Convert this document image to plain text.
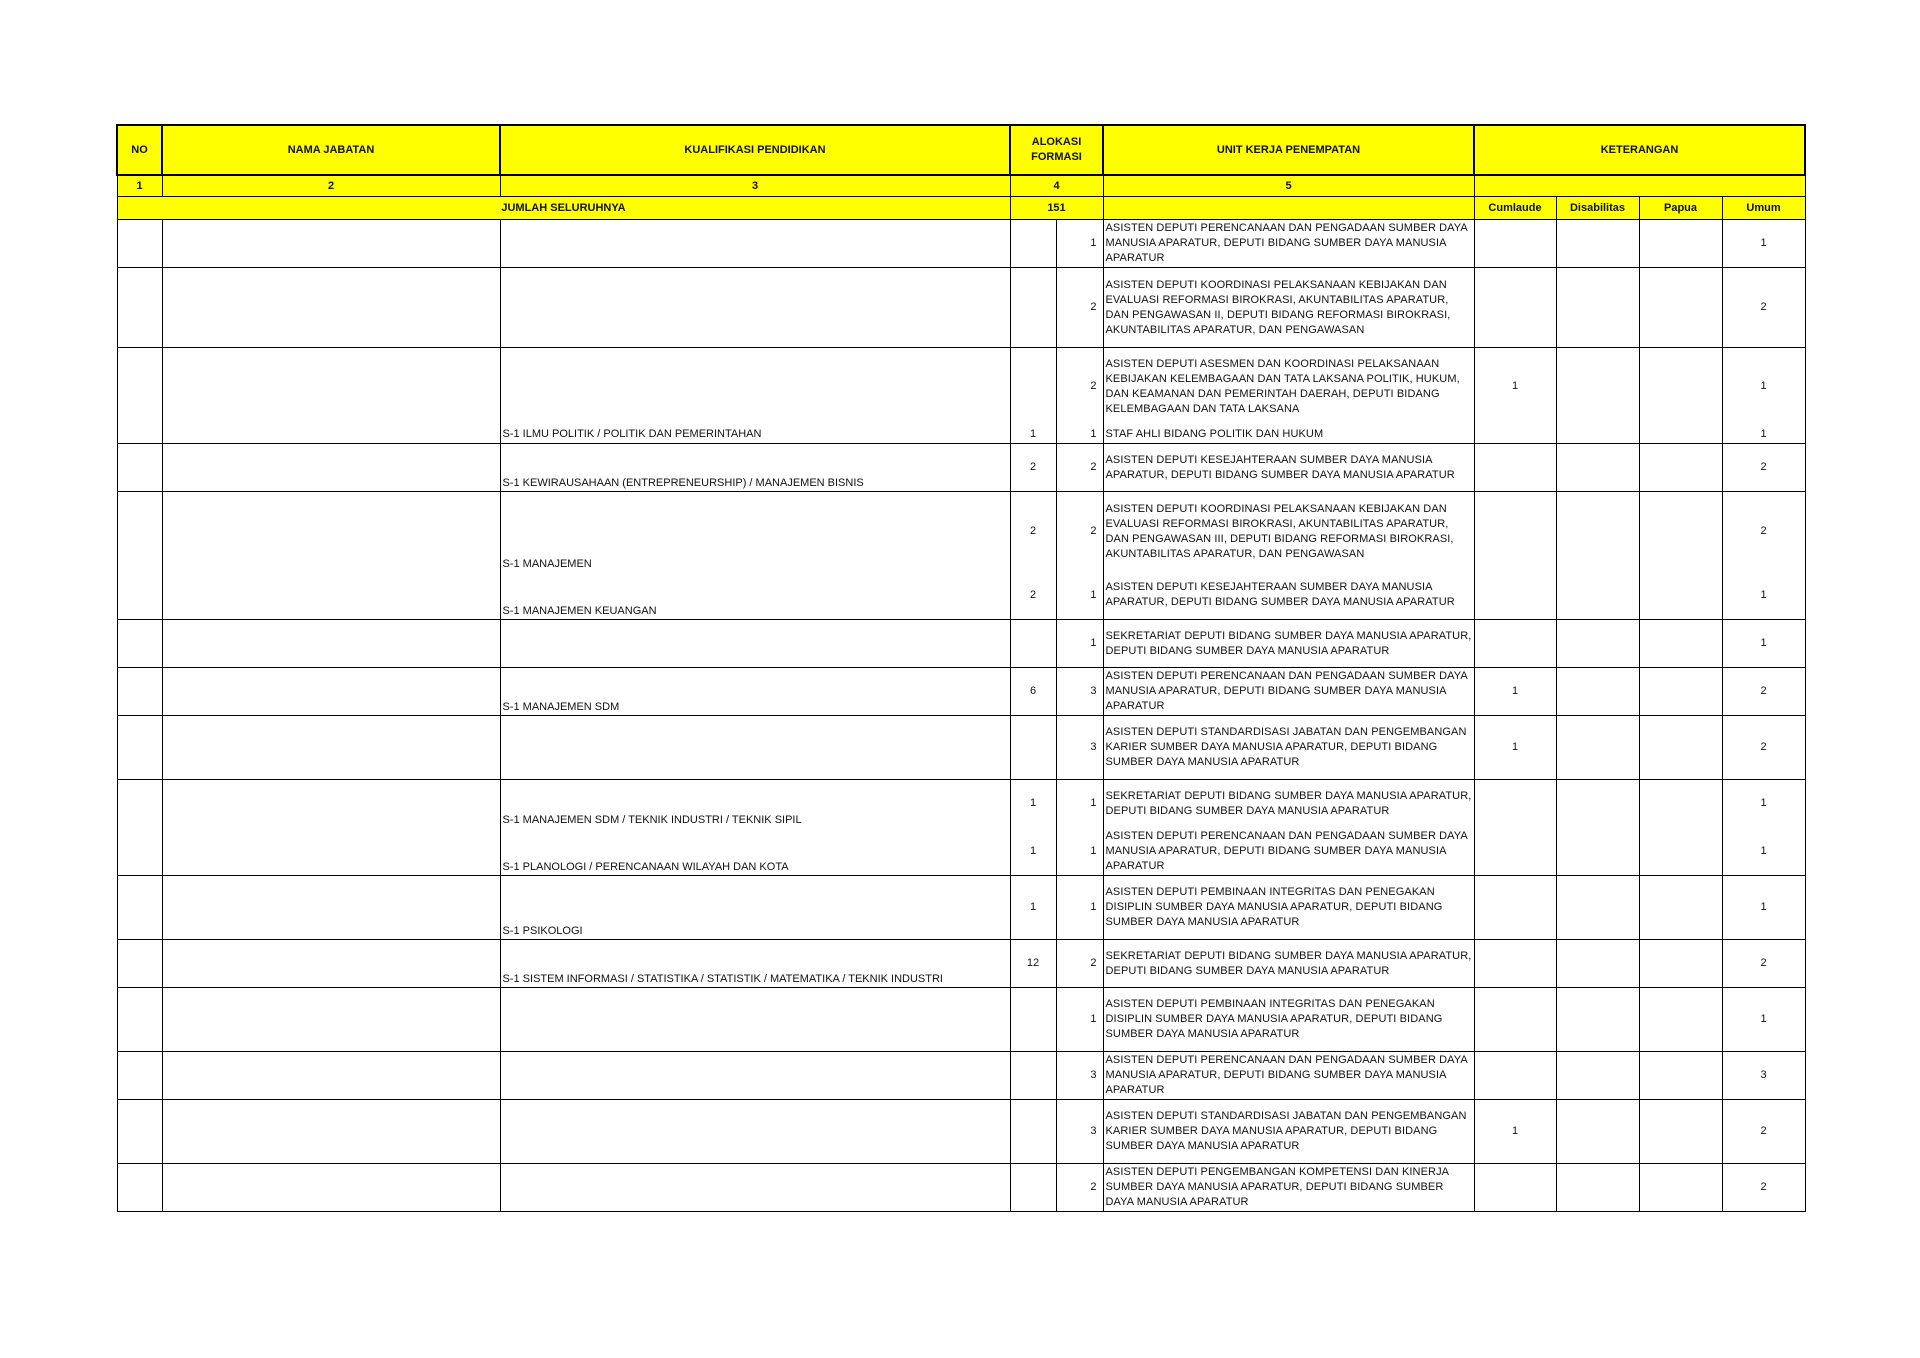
NO	NAMA JABATAN	KUALIFIKASI PENDIDIKAN	ALOKASI FORMASI		UNIT KERJA PENEMPATAN	KETERANGAN			
1	2	3	4		5				
JUMLAH SELURUHNYA			151			Cumlaude	Disabilitas	Papua	Umum
				1	ASISTEN DEPUTI PERENCANAAN DAN PENGADAAN SUMBER DAYA MANUSIA APARATUR, DEPUTI BIDANG SUMBER DAYA MANUSIA APARATUR				1
				2	ASISTEN DEPUTI KOORDINASI PELAKSANAAN KEBIJAKAN DAN EVALUASI REFORMASI BIROKRASI, AKUNTABILITAS APARATUR, DAN PENGAWASAN II, DEPUTI BIDANG REFORMASI BIROKRASI, AKUNTABILITAS APARATUR, DAN PENGAWASAN				2
				2	ASISTEN DEPUTI ASESMEN DAN KOORDINASI PELAKSANAAN KEBIJAKAN KELEMBAGAAN DAN TATA LAKSANA POLITIK, HUKUM, DAN KEAMANAN DAN PEMERINTAH DAERAH, DEPUTI BIDANG KELEMBAGAAN DAN TATA LAKSANA	1			1
		S-1 ILMU POLITIK / POLITIK DAN PEMERINTAHAN	1	1	STAF AHLI BIDANG POLITIK DAN HUKUM				1
		S-1 KEWIRAUSAHAAN (ENTREPRENEURSHIP) / MANAJEMEN BISNIS	2	2	ASISTEN DEPUTI KESEJAHTERAAN SUMBER DAYA MANUSIA APARATUR, DEPUTI BIDANG SUMBER DAYA MANUSIA APARATUR				2
		S-1 MANAJEMEN	2	2	ASISTEN DEPUTI KOORDINASI PELAKSANAAN KEBIJAKAN DAN EVALUASI REFORMASI BIROKRASI, AKUNTABILITAS APARATUR, DAN PENGAWASAN III, DEPUTI BIDANG REFORMASI BIROKRASI, AKUNTABILITAS APARATUR, DAN PENGAWASAN				2
		S-1 MANAJEMEN KEUANGAN	2	1	ASISTEN DEPUTI KESEJAHTERAAN SUMBER DAYA MANUSIA APARATUR, DEPUTI BIDANG SUMBER DAYA MANUSIA APARATUR				1
				1	SEKRETARIAT DEPUTI BIDANG SUMBER DAYA MANUSIA APARATUR, DEPUTI BIDANG SUMBER DAYA MANUSIA APARATUR				1
		S-1 MANAJEMEN SDM	6	3	ASISTEN DEPUTI PERENCANAAN DAN PENGADAAN SUMBER DAYA MANUSIA APARATUR, DEPUTI BIDANG SUMBER DAYA MANUSIA APARATUR	1			2
				3	ASISTEN DEPUTI STANDARDISASI JABATAN DAN PENGEMBANGAN KARIER SUMBER DAYA MANUSIA APARATUR, DEPUTI BIDANG SUMBER DAYA MANUSIA APARATUR	1			2
		S-1 MANAJEMEN SDM / TEKNIK INDUSTRI / TEKNIK SIPIL	1	1	SEKRETARIAT DEPUTI BIDANG SUMBER DAYA MANUSIA APARATUR, DEPUTI BIDANG SUMBER DAYA MANUSIA APARATUR				1
		S-1 PLANOLOGI / PERENCANAAN WILAYAH DAN KOTA	1	1	ASISTEN DEPUTI PERENCANAAN DAN PENGADAAN SUMBER DAYA MANUSIA APARATUR, DEPUTI BIDANG SUMBER DAYA MANUSIA APARATUR				1
		S-1 PSIKOLOGI	1	1	ASISTEN DEPUTI PEMBINAAN INTEGRITAS DAN PENEGAKAN DISIPLIN SUMBER DAYA MANUSIA APARATUR, DEPUTI BIDANG SUMBER DAYA MANUSIA APARATUR				1
		S-1 SISTEM INFORMASI / STATISTIKA / STATISTIK / MATEMATIKA / TEKNIK INDUSTRI	12	2	SEKRETARIAT DEPUTI BIDANG SUMBER DAYA MANUSIA APARATUR, DEPUTI BIDANG SUMBER DAYA MANUSIA APARATUR				2
				1	ASISTEN DEPUTI PEMBINAAN INTEGRITAS DAN PENEGAKAN DISIPLIN SUMBER DAYA MANUSIA APARATUR, DEPUTI BIDANG SUMBER DAYA MANUSIA APARATUR				1
				3	ASISTEN DEPUTI PERENCANAAN DAN PENGADAAN SUMBER DAYA MANUSIA APARATUR, DEPUTI BIDANG SUMBER DAYA MANUSIA APARATUR				3
				3	ASISTEN DEPUTI STANDARDISASI JABATAN DAN PENGEMBANGAN KARIER SUMBER DAYA MANUSIA APARATUR, DEPUTI BIDANG SUMBER DAYA MANUSIA APARATUR	1			2
				2	ASISTEN DEPUTI PENGEMBANGAN KOMPETENSI DAN KINERJA SUMBER DAYA MANUSIA APARATUR, DEPUTI BIDANG SUMBER DAYA MANUSIA APARATUR				2
